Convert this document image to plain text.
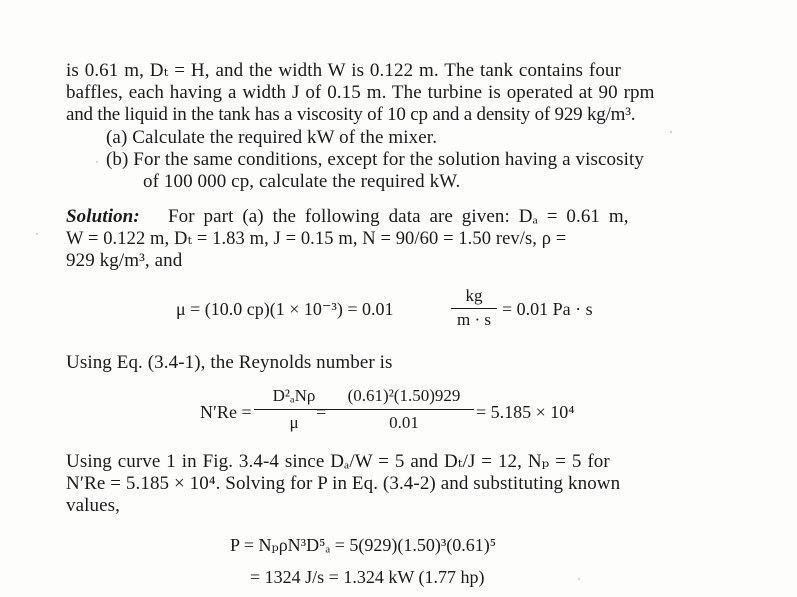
is 0.61 m, Dₜ = H, and the width W is 0.122 m. The tank contains four
baffles, each having a width J of 0.15 m. The turbine is operated at 90 rpm
and the liquid in the tank has a viscosity of 10 cp and a density of 929 kg/m³.
(a) Calculate the required kW of the mixer.
(b) For the same conditions, except for the solution having a viscosity
of 100 000 cp, calculate the required kW.
Solution: For part (a) the following data are given: Dₐ = 0.61 m,
W = 0.122 m, Dₜ = 1.83 m, J = 0.15 m, N = 90/60 = 1.50 rev/s, ρ =
929 kg/m³, and
μ = (10.0 cp)(1 × 10⁻³) = 0.01
kg
m · s
= 0.01 Pa · s
Using Eq. (3.4-1), the Reynolds number is
N′Re =
D²ₐNρ
μ
=
(0.61)²(1.50)929
0.01
= 5.185 × 10⁴
Using curve 1 in Fig. 3.4-4 since Dₐ/W = 5 and Dₜ/J = 12, Nₚ = 5 for
N′Re = 5.185 × 10⁴. Solving for P in Eq. (3.4-2) and substituting known
values,
P = NₚρN³D⁵ₐ = 5(929)(1.50)³(0.61)⁵
= 1324 J/s = 1.324 kW (1.77 hp)
